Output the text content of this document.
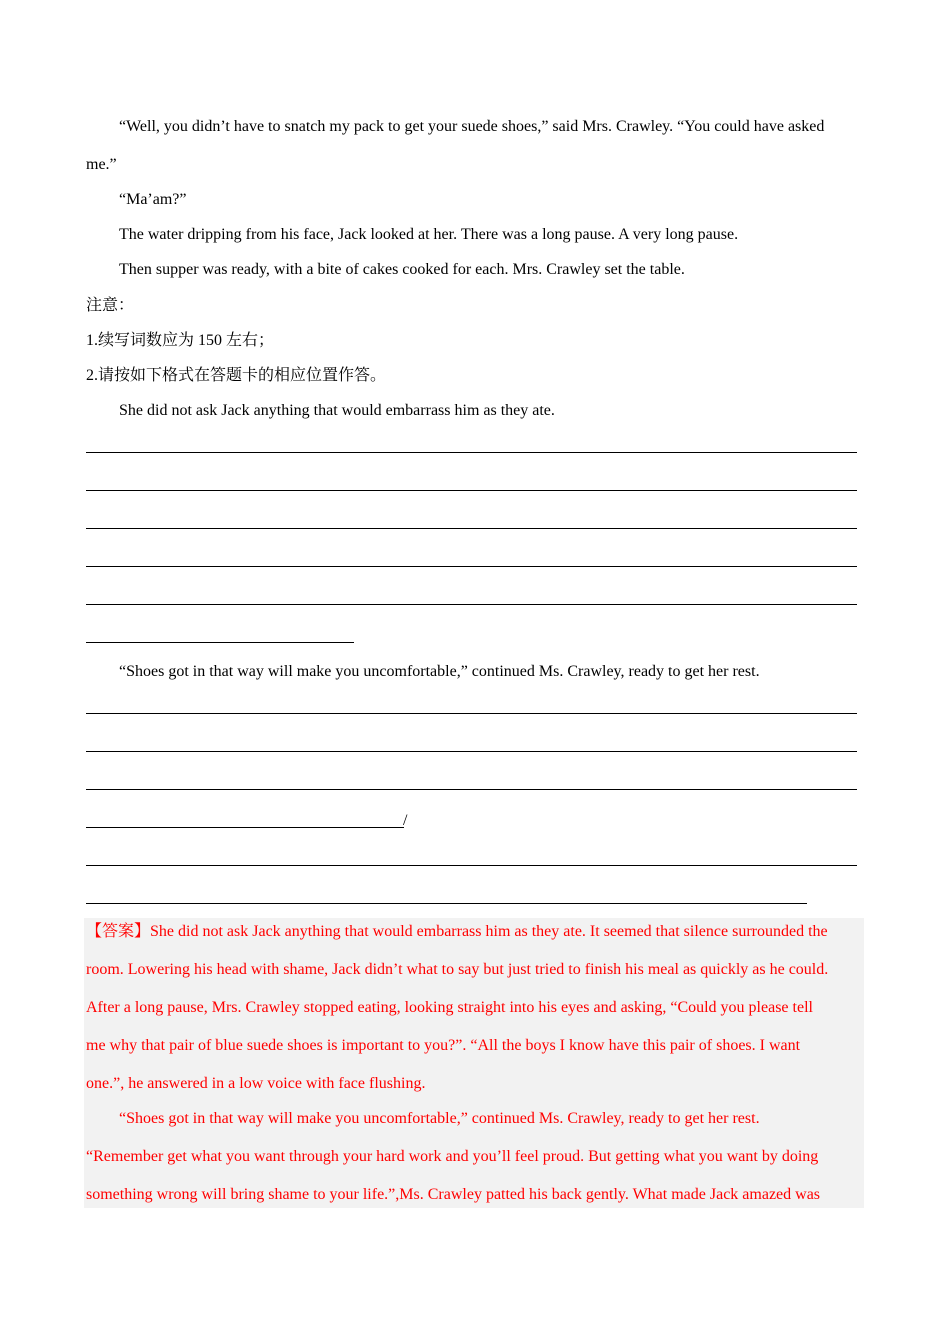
“Well, you didn’t have to snatch my pack to get your suede shoes,” said Mrs. Crawley. “You could have asked
me.”
“Ma’am?”
The water dripping from his face, Jack looked at her. There was a long pause. A very long pause.
Then supper was ready, with a bite of cakes cooked for each. Mrs. Crawley set the table.
注意：
1.续写词数应为 150 左右；
2.请按如下格式在答题卡的相应位置作答。
She did not ask Jack anything that would embarrass him as they ate.
“Shoes got in that way will make you uncomfortable,” continued Ms. Crawley, ready to get her rest.
/
【答案】She did not ask Jack anything that would embarrass him as they ate. It seemed that silence surrounded the
room. Lowering his head with shame, Jack didn’t what to say but just tried to finish his meal as quickly as he could.
After a long pause, Mrs. Crawley stopped eating, looking straight into his eyes and asking, “Could you please tell
me why that pair of blue suede shoes is important to you?”. “All the boys I know have this pair of shoes. I want
one.”, he answered in a low voice with face flushing.
“Shoes got in that way will make you uncomfortable,” continued Ms. Crawley, ready to get her rest.
“Remember get what you want through your hard work and you’ll feel proud. But getting what you want by doing
something wrong will bring shame to your life.”,Ms. Crawley patted his back gently. What made Jack amazed was
